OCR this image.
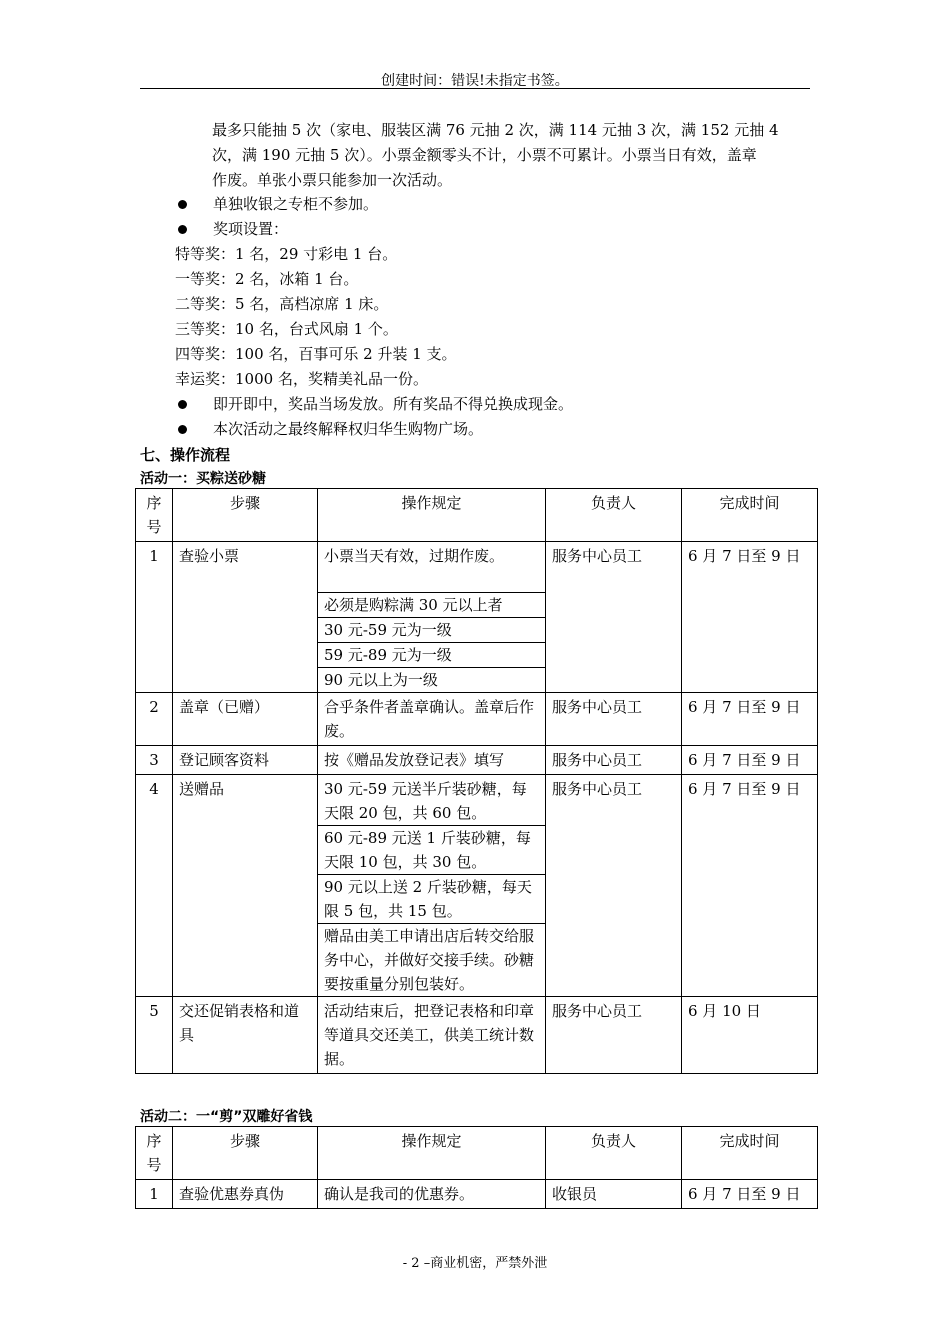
创建时间：错误!未指定书签。
最多只能抽 5 次（家电、服装区满 76 元抽 2 次，满 114 元抽 3 次，满 152 元抽 4
次，满 190 元抽 5 次）。小票金额零头不计，小票不可累计。小票当日有效，盖章
作废。单张小票只能参加一次活动。
单独收银之专柜不参加。
奖项设置：
特等奖：1 名，29 寸彩电 1 台。
一等奖：2 名，冰箱 1 台。
二等奖：5 名，高档凉席 1 床。
三等奖：10 名，台式风扇 1 个。
四等奖：100 名，百事可乐 2 升装 1 支。
幸运奖：1000 名，奖精美礼品一份。
即开即中，奖品当场发放。所有奖品不得兑换成现金。
本次活动之最终解释权归华生购物广场。
七、操作流程
活动一：买粽送砂糖
序号	步骤	操作规定	负责人	完成时间
1	查验小票	小票当天有效，过期作废。
必须是购粽满 30 元以上者
30 元-59 元为一级
59 元-89 元为一级
90 元以上为一级	服务中心员工	6 月 7 日至 9 日
2	盖章（已赠）	合乎条件者盖章确认。盖章后作废。	服务中心员工	6 月 7 日至 9 日
3	登记顾客资料	按《赠品发放登记表》填写	服务中心员工	6 月 7 日至 9 日
4	送赠品	30 元-59 元送半斤装砂糖，每天限 20 包，共 60 包。
60 元-89 元送 1 斤装砂糖，每天限 10 包，共 30 包。
90 元以上送 2 斤装砂糖，每天限 5 包，共 15 包。
赠品由美工申请出店后转交给服务中心，并做好交接手续。砂糖要按重量分别包装好。	服务中心员工	6 月 7 日至 9 日
5	交还促销表格和道具	活动结束后，把登记表格和印章等道具交还美工，供美工统计数据。	服务中心员工	6 月 10 日
活动二：一“剪”双雕好省钱
序号	步骤	操作规定	负责人	完成时间
1	查验优惠券真伪	确认是我司的优惠券。	收银员	6 月 7 日至 9 日
- 2 –商业机密，严禁外泄
